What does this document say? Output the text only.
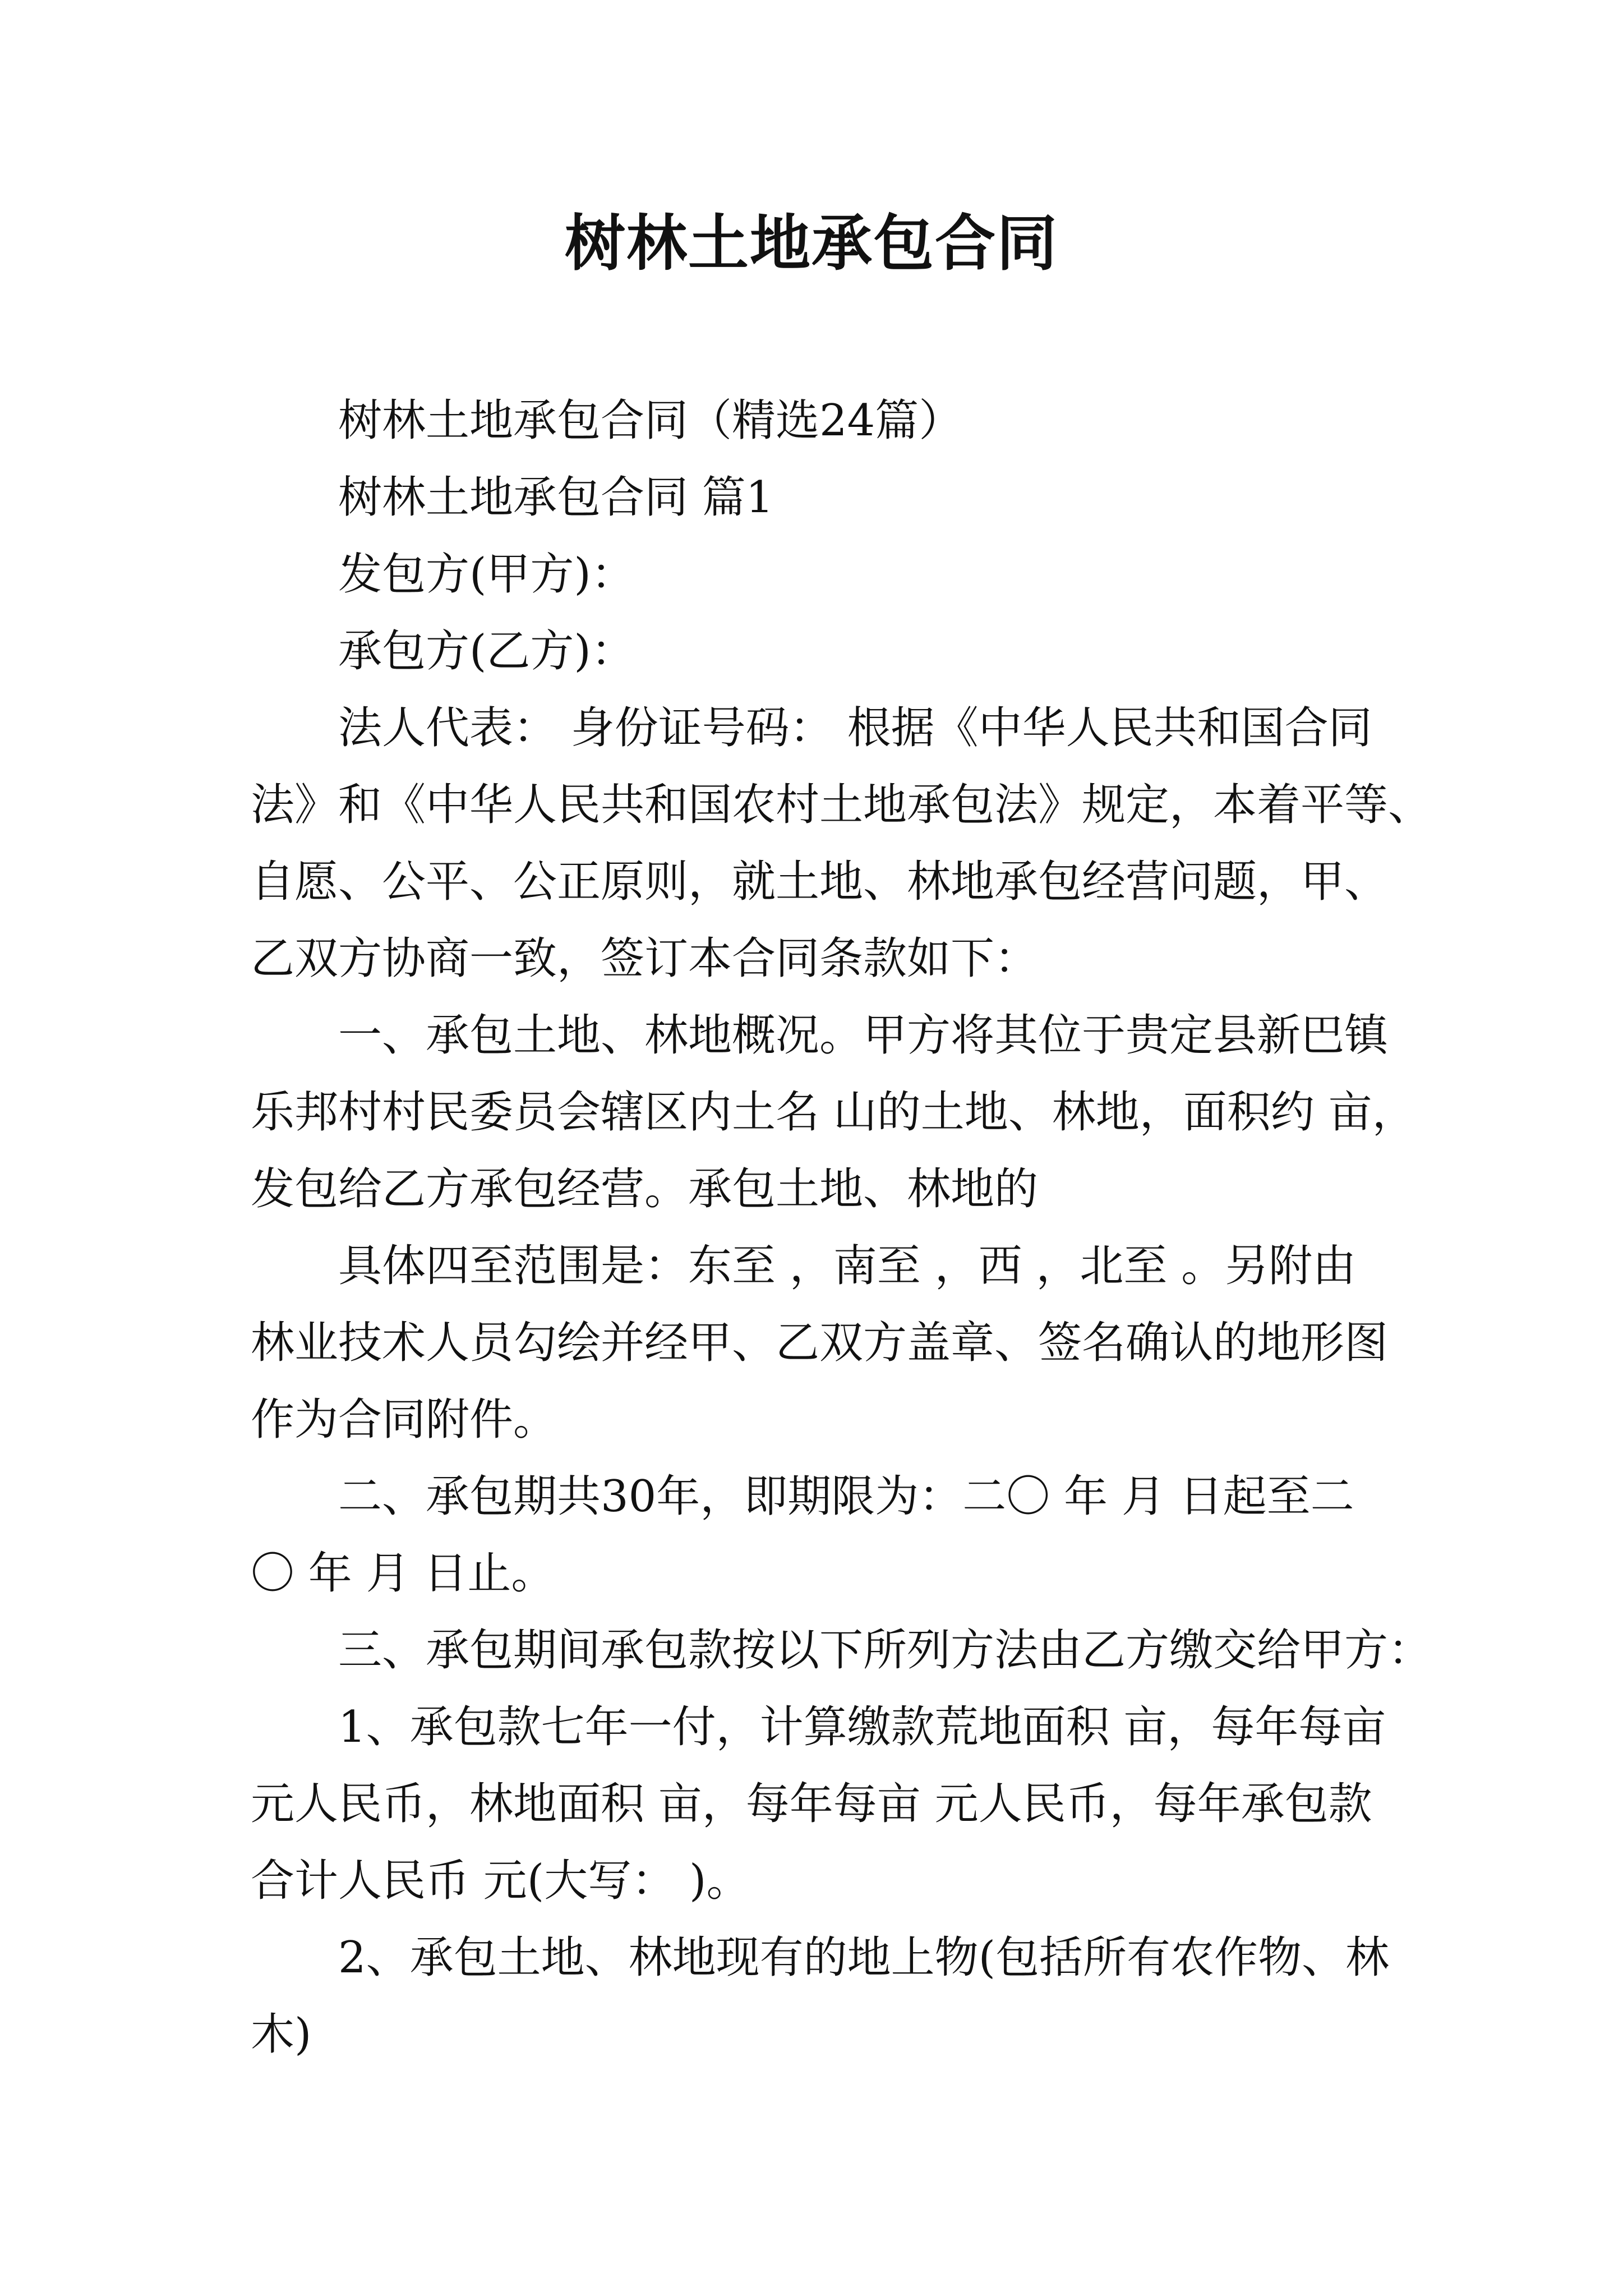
树林土地承包合同
树林土地承包合同（精选24篇）
树林土地承包合同 篇1
发包方(甲方)：
承包方(乙方)：
法人代表： 身份证号码： 根据《中华人民共和国合同
法》和《中华人民共和国农村土地承包法》规定，本着平等、
自愿、公平、公正原则，就土地、林地承包经营问题，甲、
乙双方协商一致，签订本合同条款如下：
一、承包土地、林地概况。甲方将其位于贵定县新巴镇
乐邦村村民委员会辖区内土名 山的土地、林地，面积约 亩，
发包给乙方承包经营。承包土地、林地的
具体四至范围是：东至 ，南至 ，西 ，北至 。另附由
林业技术人员勾绘并经甲、乙双方盖章、签名确认的地形图
作为合同附件。
二、承包期共30年，即期限为：二〇 年 月 日起至二
〇 年 月 日止。
三、承包期间承包款按以下所列方法由乙方缴交给甲方：
1、承包款七年一付，计算缴款荒地面积 亩，每年每亩
元人民币，林地面积 亩，每年每亩 元人民币，每年承包款
合计人民币 元(大写： )。
2、承包土地、林地现有的地上物(包括所有农作物、林
木)
